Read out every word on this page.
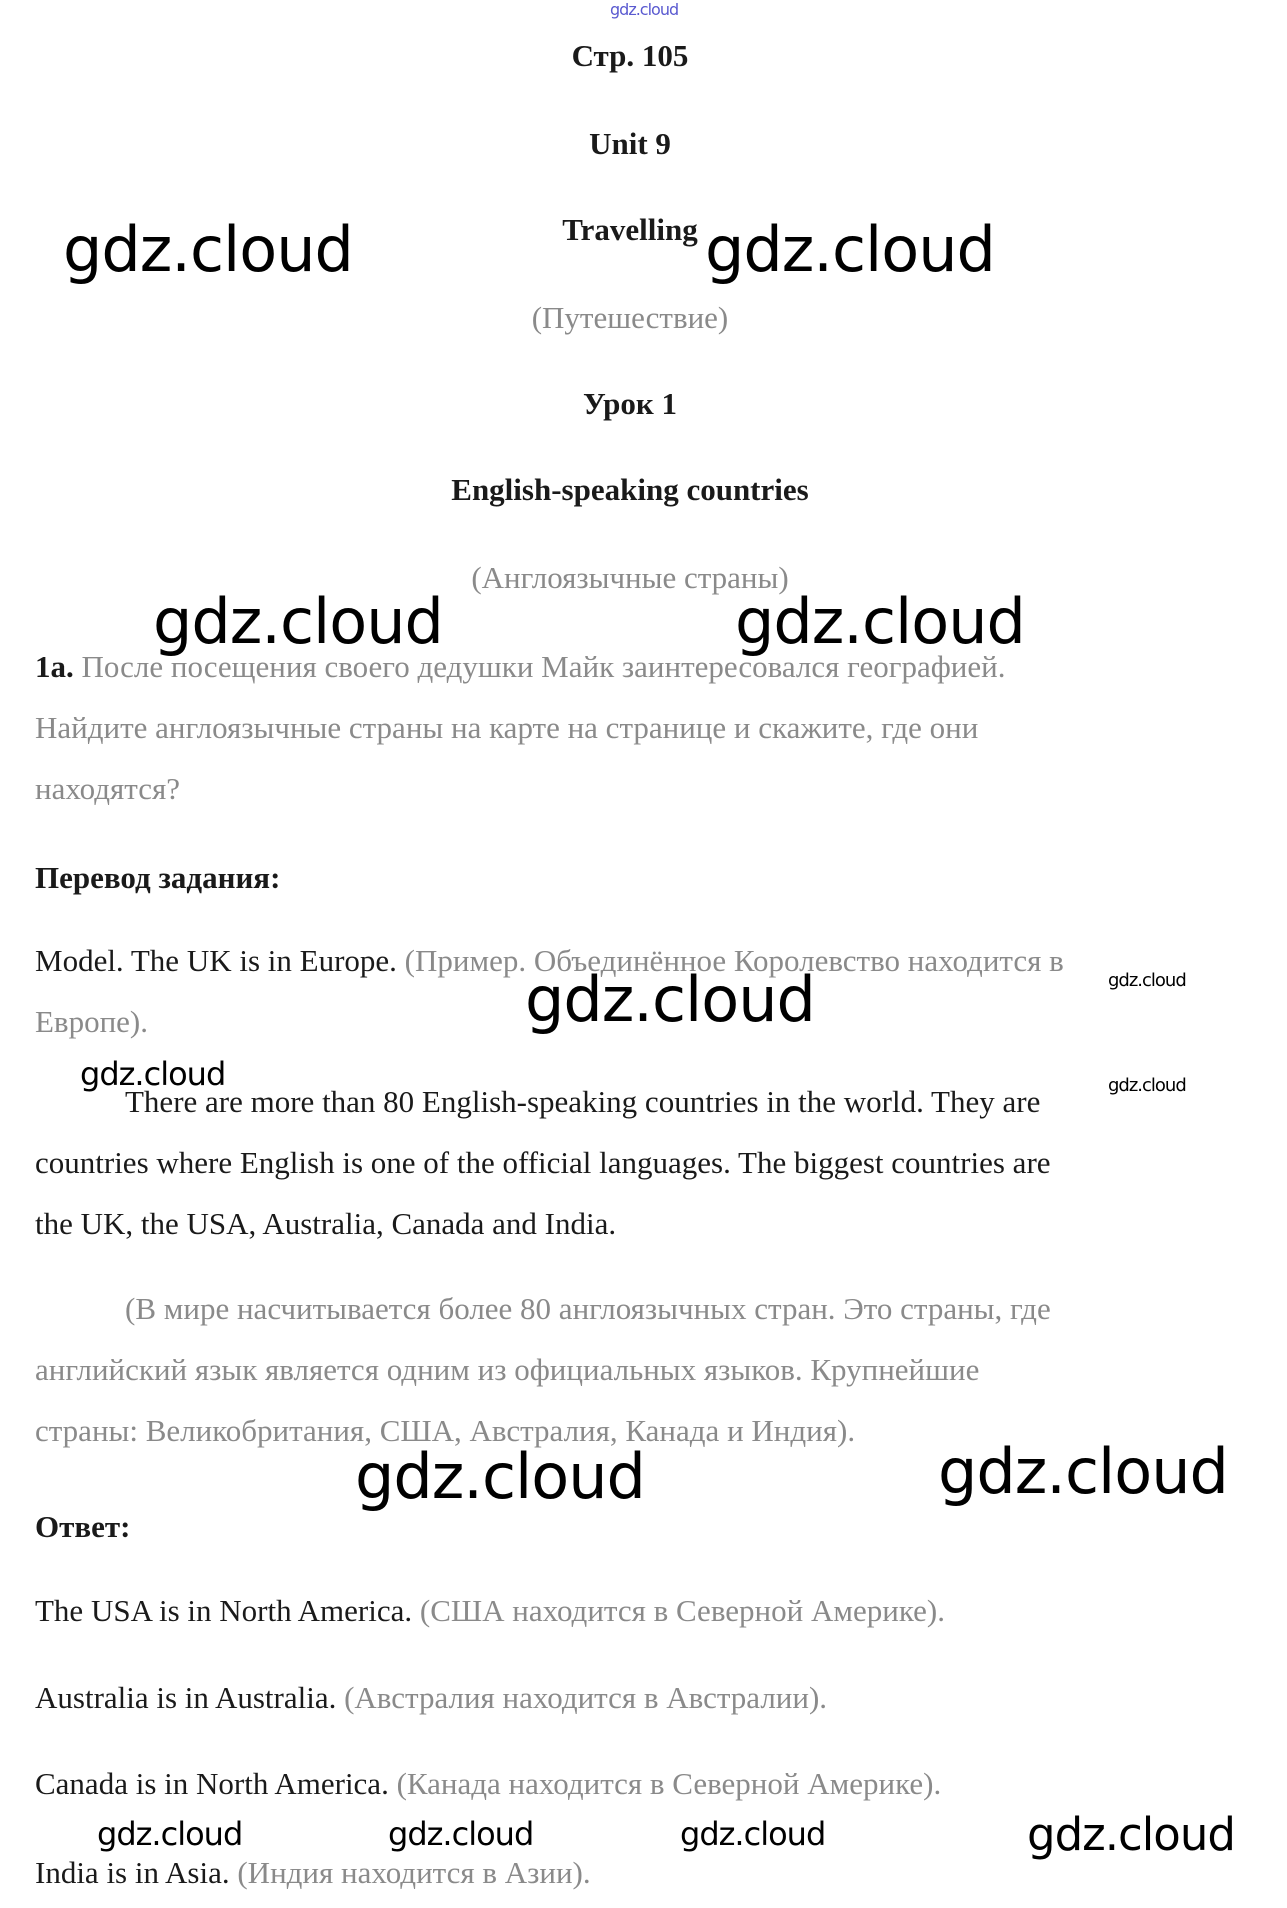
Стр. 105
Unit 9
Travelling
(Путешествие)
Урок 1
English-speaking countries
(Англоязычные страны)
1a. После посещения своего дедушки Майк заинтересовался географией.
Найдите англоязычные страны на карте на странице и скажите, где они
находятся?
Перевод задания:
Model. The UK is in Europe. (Пример. Объединённое Королевство находится в
Европе).
There are more than 80 English-speaking countries in the world. They are
countries where English is one of the official languages. The biggest countries are
the UK, the USA, Australia, Canada and India.
(В мире насчитывается более 80 англоязычных стран. Это страны, где
английский язык является одним из официальных языков. Крупнейшие
страны: Великобритания, США, Австралия, Канада и Индия).
Ответ:
The USA is in North America. (США находится в Северной Америке).
Australia is in Australia. (Австралия находится в Австралии).
Canada is in North America. (Канада находится в Северной Америке).
India is in Asia. (Индия находится в Азии).
gdz.cloud
gdz.cloud	gdz.cloud
gdz.cloud	gdz.cloud
gdz.cloud	gdz.cloud
gdz.cloud	gdz.cloud
gdz.cloud	gdz.cloud
gdz.cloud	gdz.cloud	gdz.cloud	gdz.cloud
